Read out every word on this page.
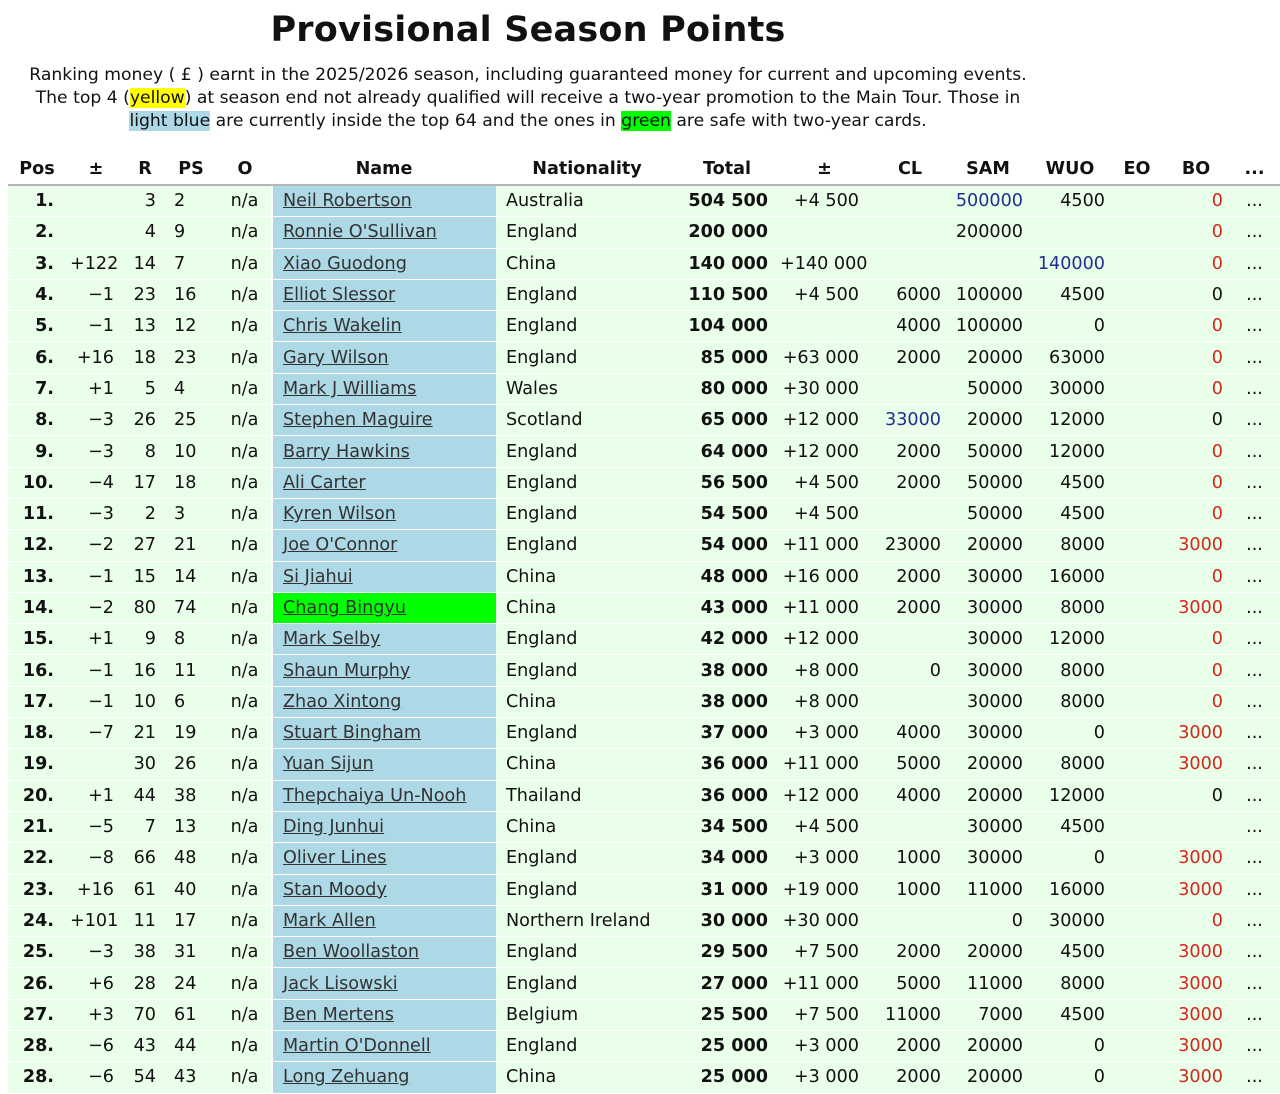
Provisional Season Points
Ranking money ( £ ) earnt in the 2025/2026 season, including guaranteed money for current and upcoming events. The top 4 (yellow) at season end not already qualified will receive a two-year promotion to the Main Tour. Those in light blue are currently inside the top 64 and the ones in green are safe with two-year cards.
Pos	±	R	PS	O	Name	Nationality	Total	±	CL	SAM	WUO	EO	BO	...
1.		3	2	n/a	Neil Robertson	Australia	504 500	+4 500		500000	4500		0	...
2.		4	9	n/a	Ronnie O'Sullivan	England	200 000			200000			0	...
3.	+122	14	7	n/a	Xiao Guodong	China	140 000	+140 000			140000		0	...
4.	−1	23	16	n/a	Elliot Slessor	England	110 500	+4 500	6000	100000	4500		0	...
5.	−1	13	12	n/a	Chris Wakelin	England	104 000		4000	100000	0		0	...
6.	+16	18	23	n/a	Gary Wilson	England	85 000	+63 000	2000	20000	63000		0	...
7.	+1	5	4	n/a	Mark J Williams	Wales	80 000	+30 000		50000	30000		0	...
8.	−3	26	25	n/a	Stephen Maguire	Scotland	65 000	+12 000	33000	20000	12000		0	...
9.	−3	8	10	n/a	Barry Hawkins	England	64 000	+12 000	2000	50000	12000		0	...
10.	−4	17	18	n/a	Ali Carter	England	56 500	+4 500	2000	50000	4500		0	...
11.	−3	2	3	n/a	Kyren Wilson	England	54 500	+4 500		50000	4500		0	...
12.	−2	27	21	n/a	Joe O'Connor	England	54 000	+11 000	23000	20000	8000		3000	...
13.	−1	15	14	n/a	Si Jiahui	China	48 000	+16 000	2000	30000	16000		0	...
14.	−2	80	74	n/a	Chang Bingyu	China	43 000	+11 000	2000	30000	8000		3000	...
15.	+1	9	8	n/a	Mark Selby	England	42 000	+12 000		30000	12000		0	...
16.	−1	16	11	n/a	Shaun Murphy	England	38 000	+8 000	0	30000	8000		0	...
17.	−1	10	6	n/a	Zhao Xintong	China	38 000	+8 000		30000	8000		0	...
18.	−7	21	19	n/a	Stuart Bingham	England	37 000	+3 000	4000	30000	0		3000	...
19.		30	26	n/a	Yuan Sijun	China	36 000	+11 000	5000	20000	8000		3000	...
20.	+1	44	38	n/a	Thepchaiya Un-Nooh	Thailand	36 000	+12 000	4000	20000	12000		0	...
21.	−5	7	13	n/a	Ding Junhui	China	34 500	+4 500		30000	4500			...
22.	−8	66	48	n/a	Oliver Lines	England	34 000	+3 000	1000	30000	0		3000	...
23.	+16	61	40	n/a	Stan Moody	England	31 000	+19 000	1000	11000	16000		3000	...
24.	+101	11	17	n/a	Mark Allen	Northern Ireland	30 000	+30 000		0	30000		0	...
25.	−3	38	31	n/a	Ben Woollaston	England	29 500	+7 500	2000	20000	4500		3000	...
26.	+6	28	24	n/a	Jack Lisowski	England	27 000	+11 000	5000	11000	8000		3000	...
27.	+3	70	61	n/a	Ben Mertens	Belgium	25 500	+7 500	11000	7000	4500		3000	...
28.	−6	43	44	n/a	Martin O'Donnell	England	25 000	+3 000	2000	20000	0		3000	...
28.	−6	54	43	n/a	Long Zehuang	China	25 000	+3 000	2000	20000	0		3000	...
